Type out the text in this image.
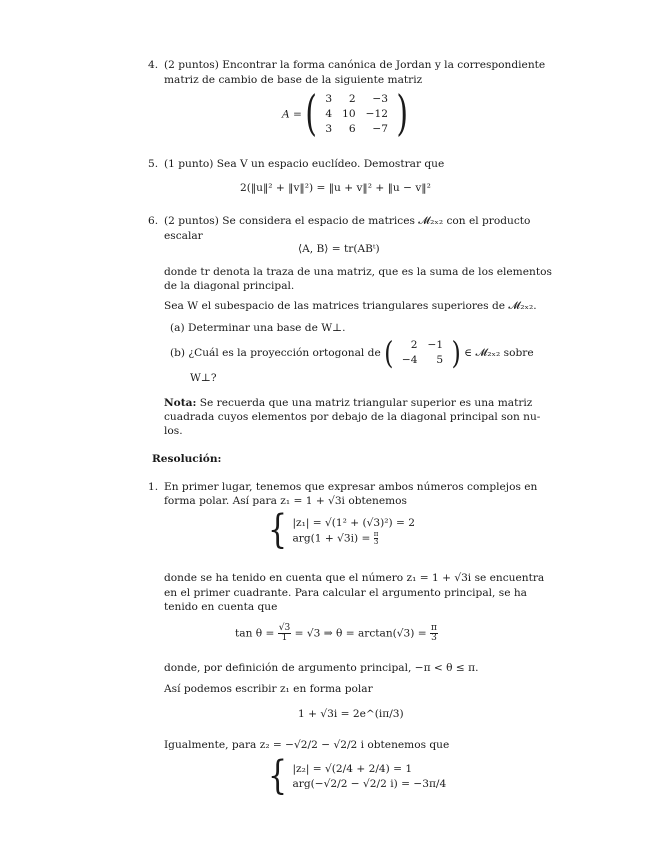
4. (2 puntos) Encontrar la forma canónica de Jordan y la correspondiente
matriz de cambio de base de la siguiente matriz
A = ( 3	2	−3
4	10	−12
3	6	−7 )
5. (1 punto) Sea V un espacio euclídeo. Demostrar que
2(‖u‖² + ‖v‖²) = ‖u + v‖² + ‖u − v‖²
6. (2 puntos) Se considera el espacio de matrices 𝓜₂ₓ₂ con el producto
escalar
⟨A, B⟩ = tr(ABᵗ)
donde tr denota la traza de una matriz, que es la suma de los elementos
de la diagonal principal.
Sea W el subespacio de las matrices triangulares superiores de 𝓜₂ₓ₂.
(a) Determinar una base de W⊥.
(b) ¿Cuál es la proyección ortogonal de ( 2	−1
−4	5 ) ∈ 𝓜₂ₓ₂ sobre
W⊥?
Nota: Se recuerda que una matriz triangular superior es una matriz
cuadrada cuyos elementos por debajo de la diagonal principal son nu-
los.
Resolución:
1. En primer lugar, tenemos que expresar ambos números complejos en
forma polar. Así para z₁ = 1 + √3i obtenemos
{ |z₁| = √(1² + (√3)²) = 2
$arg(1 + √3i) = \frac{\pi}{3}$
donde se ha tenido en cuenta que el número z₁ = 1 + √3i se encuentra
en el primer cuadrante. Para calcular el argumento principal, se ha
tenido en cuenta que
$\tan \theta = \frac{√3}{1} = √3$ ⇒ $\theta = \arctan(√3) = \frac{\pi}{3}$
donde, por definición de argumento principal, −π < θ ≤ π.
Así podemos escribir z₁ en forma polar
1 + √3i = 2e^(iπ/3)
Igualmente, para z₂ = −√2/2 − √2/2 i obtenemos que
{ |z₂| = √(2/4 + 2/4) = 1
arg(−√2/2 − √2/2 i) = −3π/4
